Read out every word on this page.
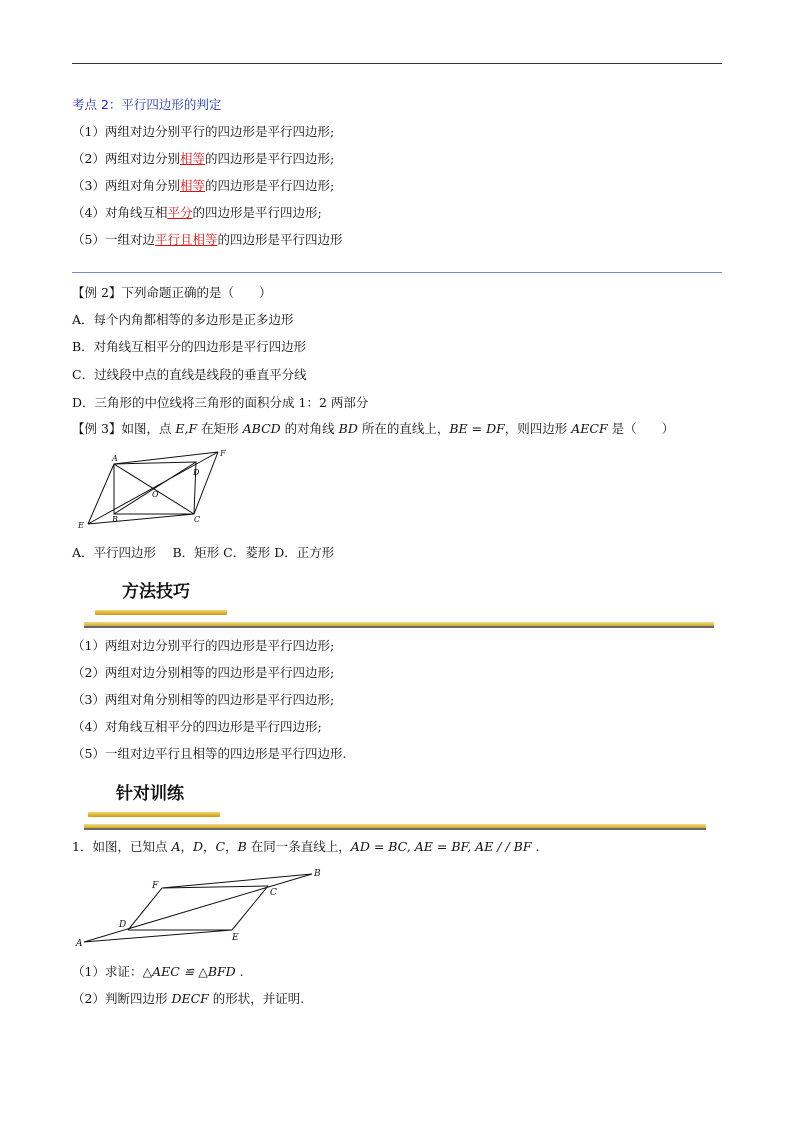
考点 2：平行四边形的判定
（1）两组对边分别平行的四边形是平行四边形;
（2）两组对边分别相等的四边形是平行四边形;
（3）两组对角分别相等的四边形是平行四边形;
（4）对角线互相平分的四边形是平行四边形;
（5）一组对边平行且相等的四边形是平行四边形
【例 2】下列命题正确的是（　　）
A．每个内角都相等的多边形是正多边形
B．对角线互相平分的四边形是平行四边形
C．过线段中点的直线是线段的垂直平分线
D．三角形的中位线将三角形的面积分成 1：2 两部分
【例 3】如图，点 E,F 在矩形 ABCD 的对角线 BD 所在的直线上，BE = DF，则四边形 AECF 是（　　）
A
B	C
D
E
F
O
A．平行四边形　 B．矩形 C．菱形 D．正方形
方法技巧
（1）两组对边分别平行的四边形是平行四边形;
（2）两组对边分别相等的四边形是平行四边形;
（3）两组对角分别相等的四边形是平行四边形;
（4）对角线互相平分的四边形是平行四边形;
（5）一组对边平行且相等的四边形是平行四边形.
针对训练
1．如图，已知点 A，D，C，B 在同一条直线上，AD = BC, AE = BF, AE / / BF .
A
B
C
D
E
F
（1）求证：△AEC ≌ △BFD .
（2）判断四边形 DECF 的形状，并证明.
